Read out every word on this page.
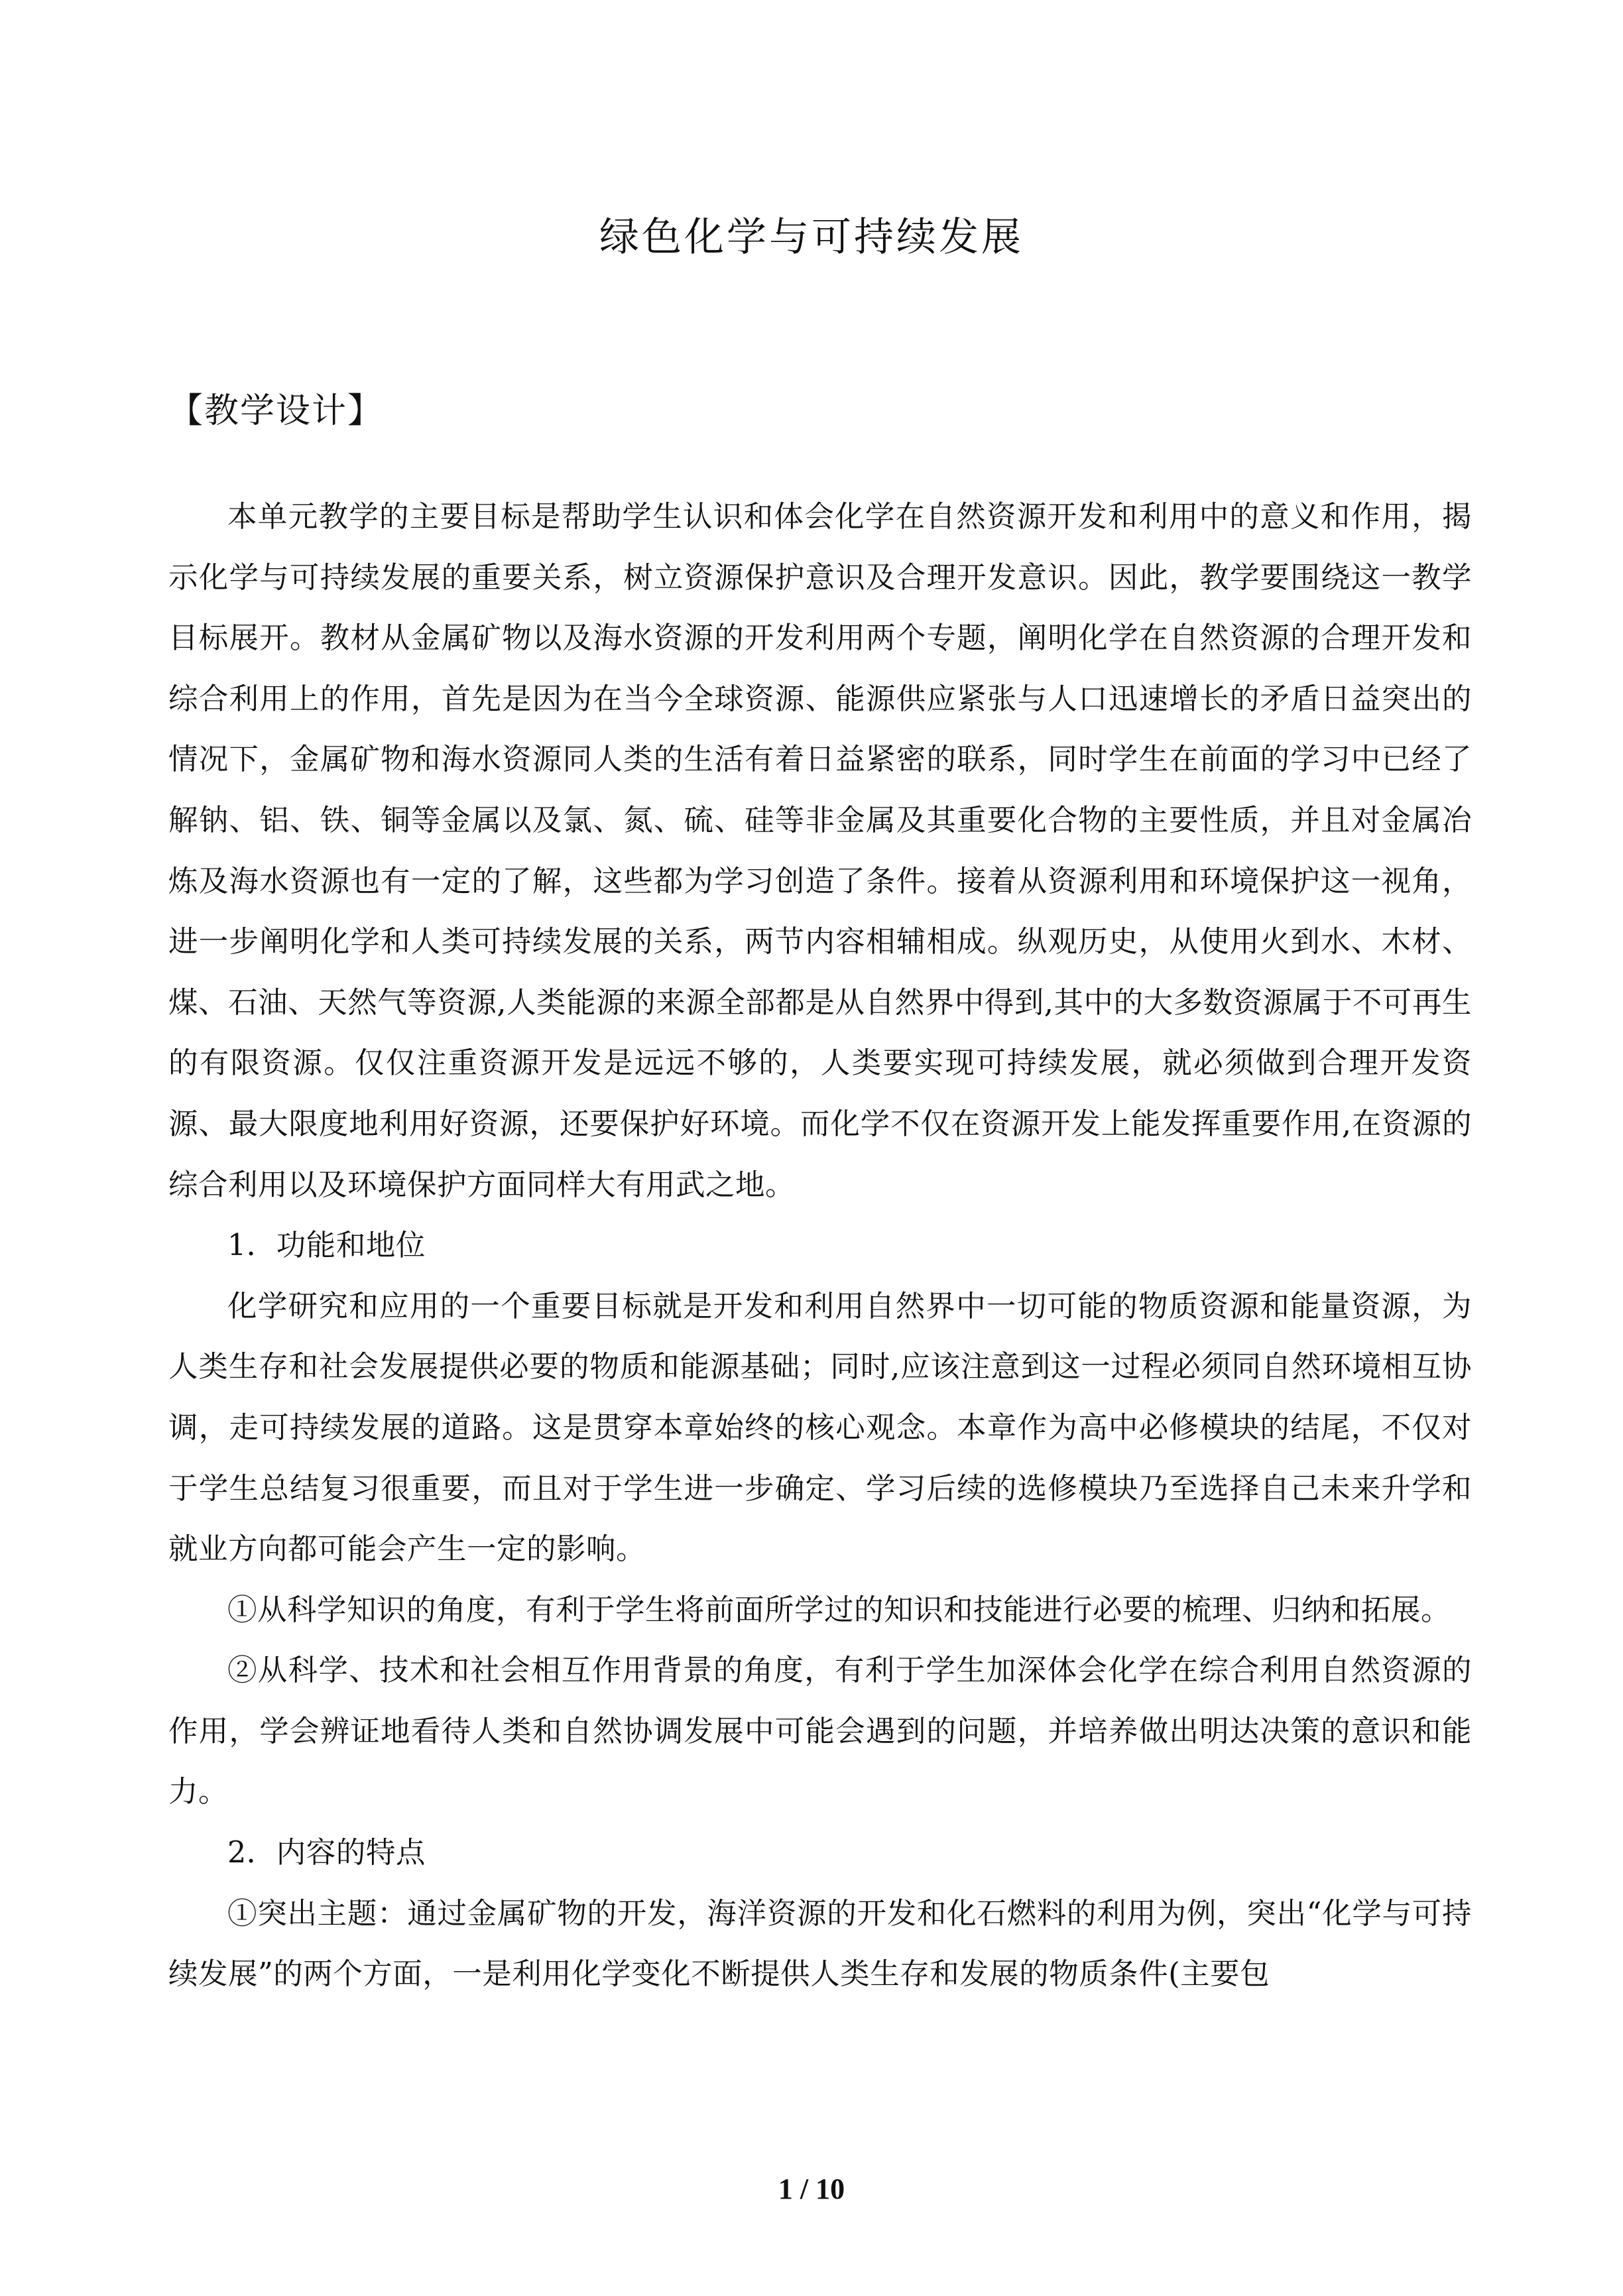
绿色化学与可持续发展
【教学设计】

本单元教学的主要目标是帮助学生认识和体会化学在自然资源开发和利用中的意义和作用，揭示化学与可持续发展的重要关系，树立资源保护意识及合理开发意识。因此，教学要围绕这一教学目标展开。教材从金属矿物以及海水资源的开发利用两个专题，阐明化学在自然资源的合理开发和综合利用上的作用，首先是因为在当今全球资源、能源供应紧张与人口迅速增长的矛盾日益突出的情况下，金属矿物和海水资源同人类的生活有着日益紧密的联系，同时学生在前面的学习中已经了解钠、铝、铁、铜等金属以及氯、氮、硫、硅等非金属及其重要化合物的主要性质，并且对金属冶炼及海水资源也有一定的了解，这些都为学习创造了条件。接着从资源利用和环境保护这一视角，进一步阐明化学和人类可持续发展的关系，两节内容相辅相成。纵观历史，从使用火到水、木材、煤、石油、天然气等资源,人类能源的来源全部都是从自然界中得到,其中的大多数资源属于不可再生的有限资源。仅仅注重资源开发是远远不够的，人类要实现可持续发展，就必须做到合理开发资源、最大限度地利用好资源，还要保护好环境。而化学不仅在资源开发上能发挥重要作用,在资源的综合利用以及环境保护方面同样大有用武之地。

1．功能和地位

化学研究和应用的一个重要目标就是开发和利用自然界中一切可能的物质资源和能量资源，为人类生存和社会发展提供必要的物质和能源基础；同时,应该注意到这一过程必须同自然环境相互协调，走可持续发展的道路。这是贯穿本章始终的核心观念。本章作为高中必修模块的结尾，不仅对于学生总结复习很重要，而且对于学生进一步确定、学习后续的选修模块乃至选择自己未来升学和就业方向都可能会产生一定的影响。

①从科学知识的角度，有利于学生将前面所学过的知识和技能进行必要的梳理、归纳和拓展。

②从科学、技术和社会相互作用背景的角度，有利于学生加深体会化学在综合利用自然资源的作用，学会辨证地看待人类和自然协调发展中可能会遇到的问题，并培养做出明达决策的意识和能力。

2．内容的特点

①突出主题：通过金属矿物的开发，海洋资源的开发和化石燃料的利用为例，突出“化学与可持续发展”的两个方面，一是利用化学变化不断提供人类生存和发展的物质条件(主要包

1 / 10
